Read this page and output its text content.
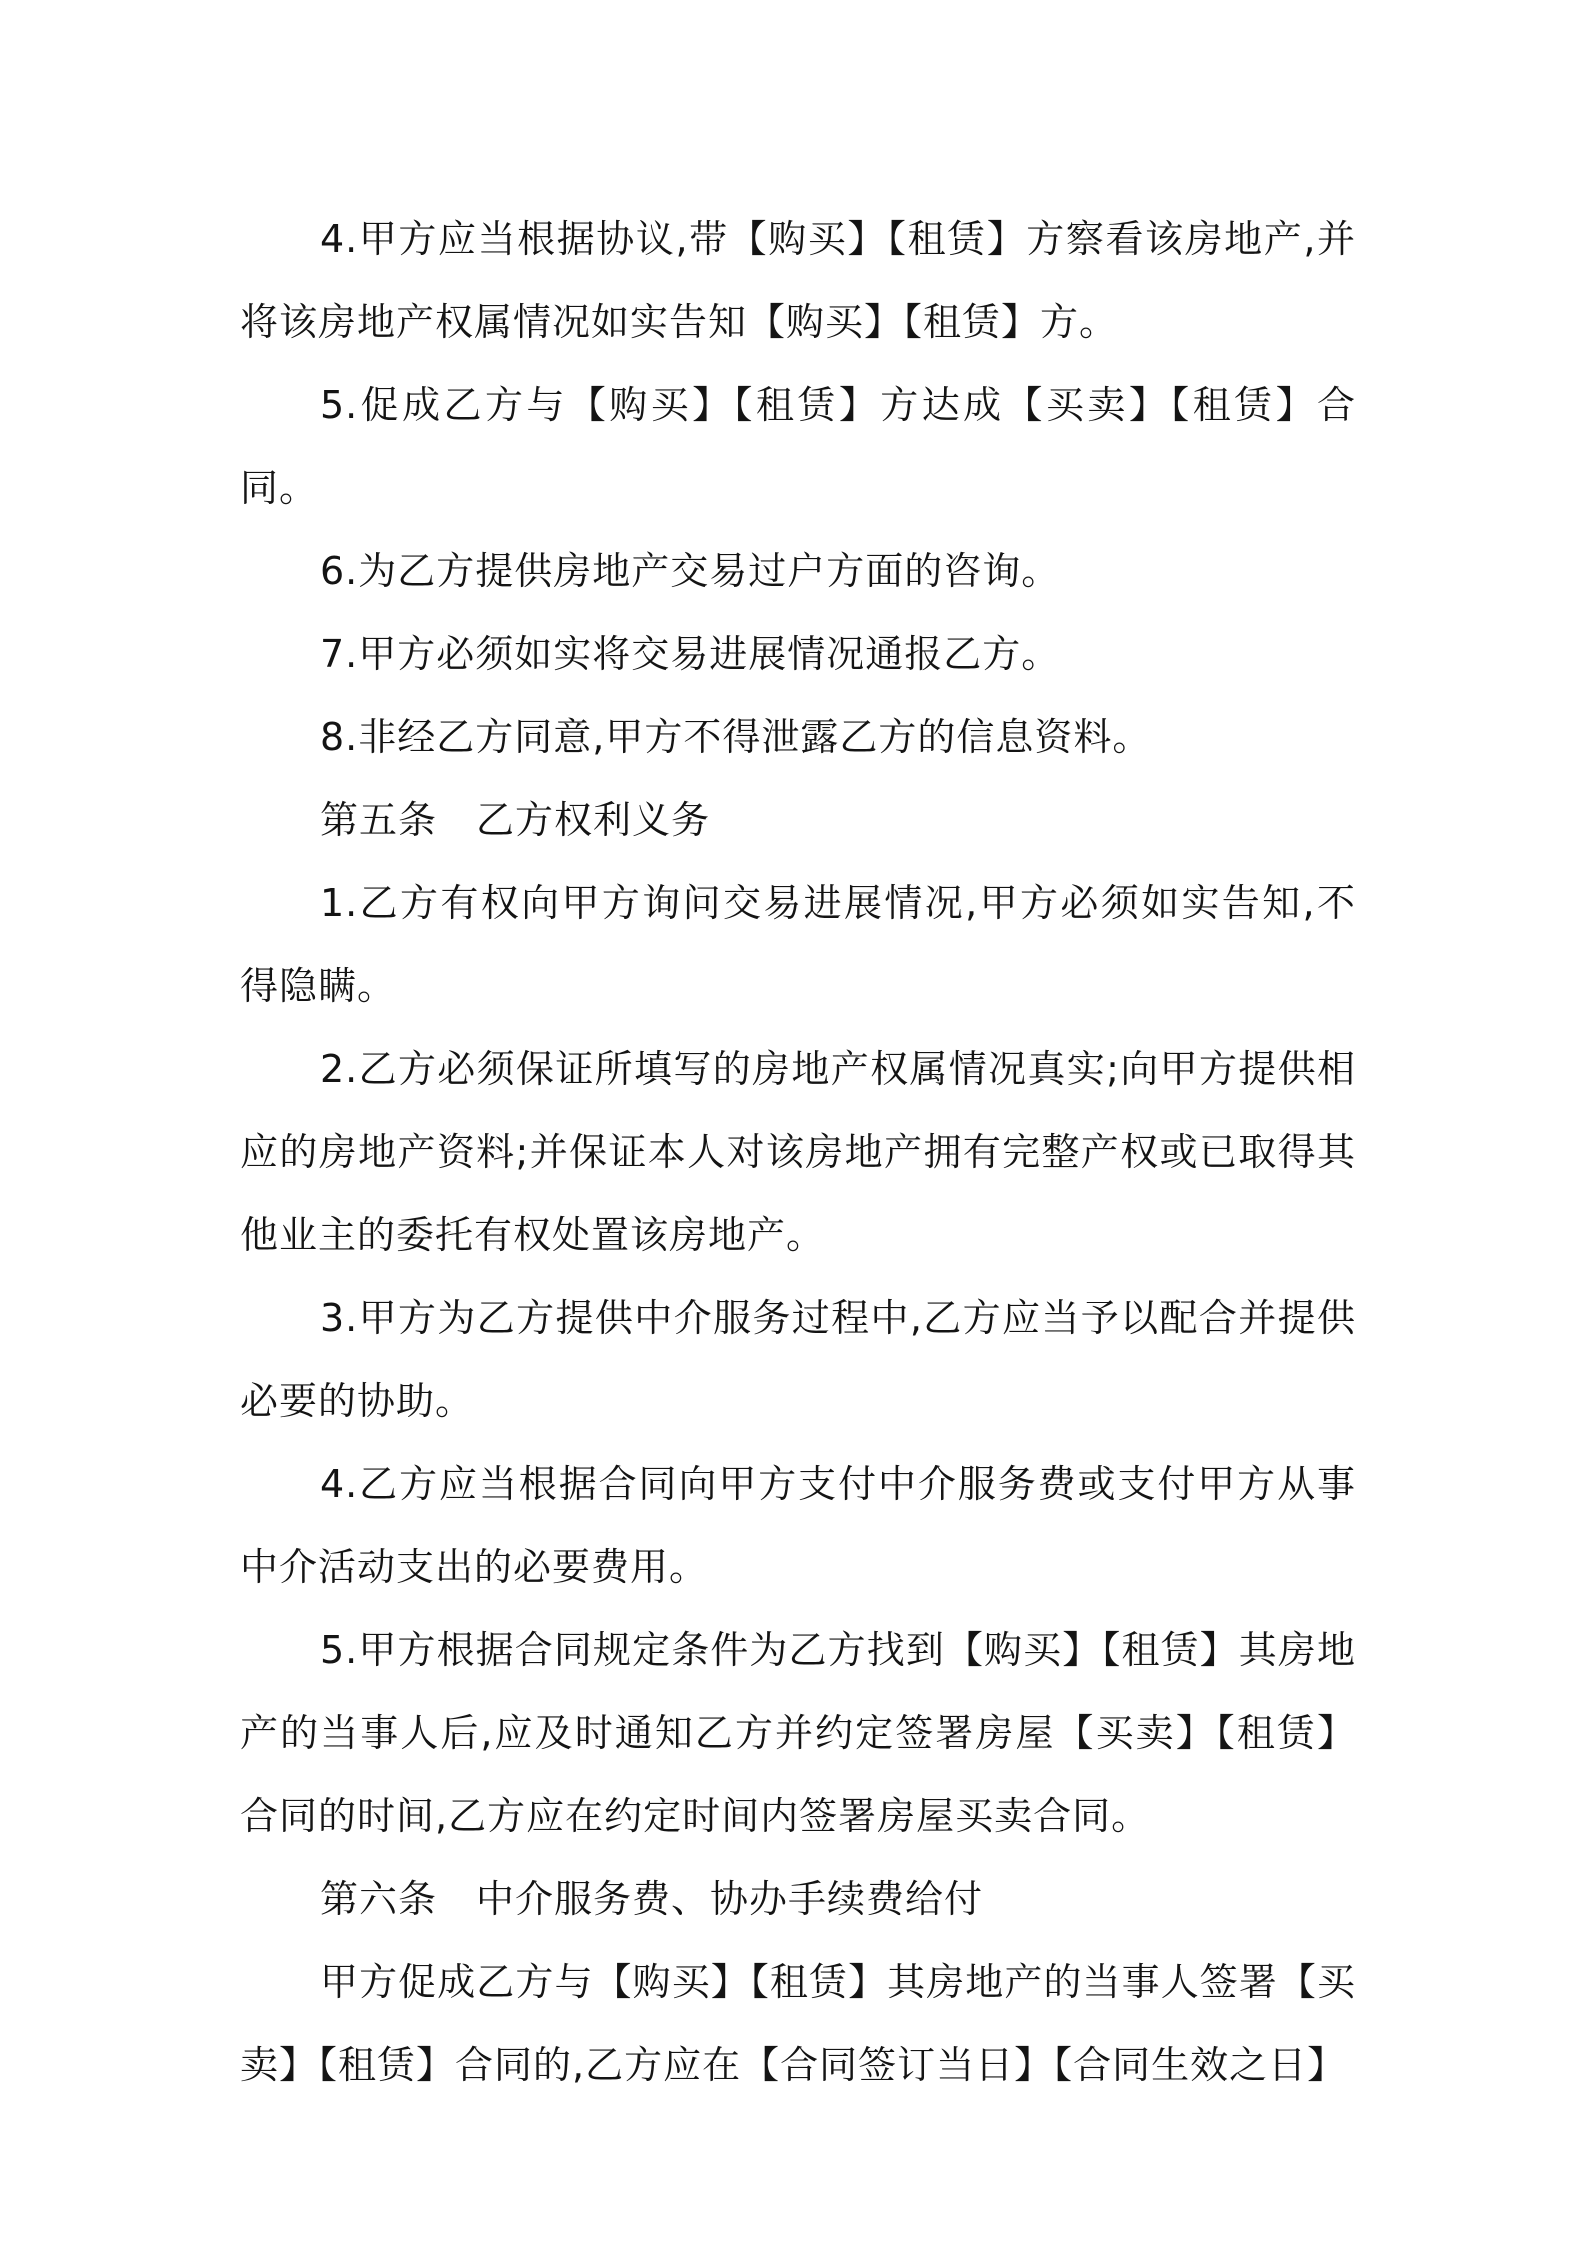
4.甲方应当根据协议,带【购买】【租赁】方察看该房地产,并将该房地产权属情况如实告知【购买】【租赁】方。

5.促成乙方与【购买】【租赁】方达成【买卖】【租赁】合同。

6.为乙方提供房地产交易过户方面的咨询。

7.甲方必须如实将交易进展情况通报乙方。

8.非经乙方同意,甲方不得泄露乙方的信息资料。

第五条　乙方权利义务

1.乙方有权向甲方询问交易进展情况,甲方必须如实告知,不得隐瞒。

2.乙方必须保证所填写的房地产权属情况真实;向甲方提供相应的房地产资料;并保证本人对该房地产拥有完整产权或已取得其他业主的委托有权处置该房地产。

3.甲方为乙方提供中介服务过程中,乙方应当予以配合并提供必要的协助。

4.乙方应当根据合同向甲方支付中介服务费或支付甲方从事中介活动支出的必要费用。

5.甲方根据合同规定条件为乙方找到【购买】【租赁】其房地产的当事人后,应及时通知乙方并约定签署房屋【买卖】【租赁】合同的时间,乙方应在约定时间内签署房屋买卖合同。

第六条　中介服务费、协办手续费给付

甲方促成乙方与【购买】【租赁】其房地产的当事人签署【买卖】【租赁】合同的,乙方应在【合同签订当日】【合同生效之日】
